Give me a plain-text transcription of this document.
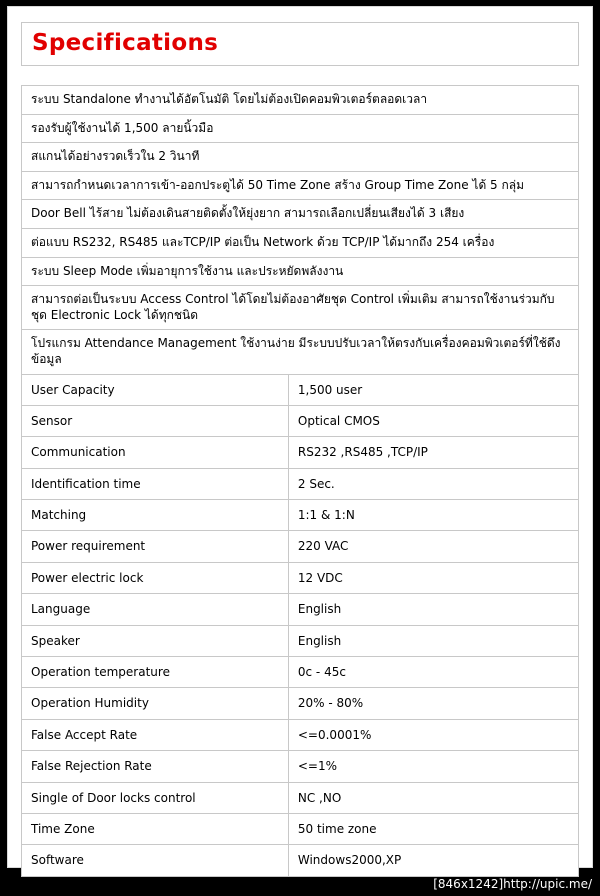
Specifications
ระบบ Standalone ทำงานได้อัตโนมัติ โดยไม่ต้องเปิดคอมพิวเตอร์ตลอดเวลา
รองรับผู้ใช้งานได้ 1,500 ลายนิ้วมือ
สแกนได้อย่างรวดเร็วใน 2 วินาที
สามารถกำหนดเวลาการเข้า-ออกประตูได้ 50 Time Zone สร้าง Group Time Zone ได้ 5 กลุ่ม
Door Bell ไร้สาย ไม่ต้องเดินสายติดตั้งให้ยุ่งยาก สามารถเลือกเปลี่ยนเสียงได้ 3 เสียง
ต่อแบบ RS232, RS485 และTCP/IP ต่อเป็น Network ด้วย TCP/IP ได้มากถึง 254 เครื่อง
ระบบ Sleep Mode เพิ่มอายุการใช้งาน และประหยัดพลังงาน
สามารถต่อเป็นระบบ Access Control ได้โดยไม่ต้องอาศัยชุด Control เพิ่มเติม สามารถใช้งานร่วมกับชุด Electronic Lock ได้ทุกชนิด
โปรแกรม Attendance Management ใช้งานง่าย มีระบบปรับเวลาให้ตรงกับเครื่องคอมพิวเตอร์ที่ใช้ดึงข้อมูล
User Capacity	1,500 user
Sensor	Optical CMOS
Communication	RS232 ,RS485 ,TCP/IP
Identification time	2 Sec.
Matching	1:1 & 1:N
Power requirement	220 VAC
Power electric lock	12 VDC
Language	English
Speaker	English
Operation temperature	0c - 45c
Operation Humidity	20% - 80%
False Accept Rate	<=0.0001%
False Rejection Rate	<=1%
Single of Door locks control	NC ,NO
Time Zone	50 time zone
Software	Windows2000,XP
[846x1242]http://upic.me/
